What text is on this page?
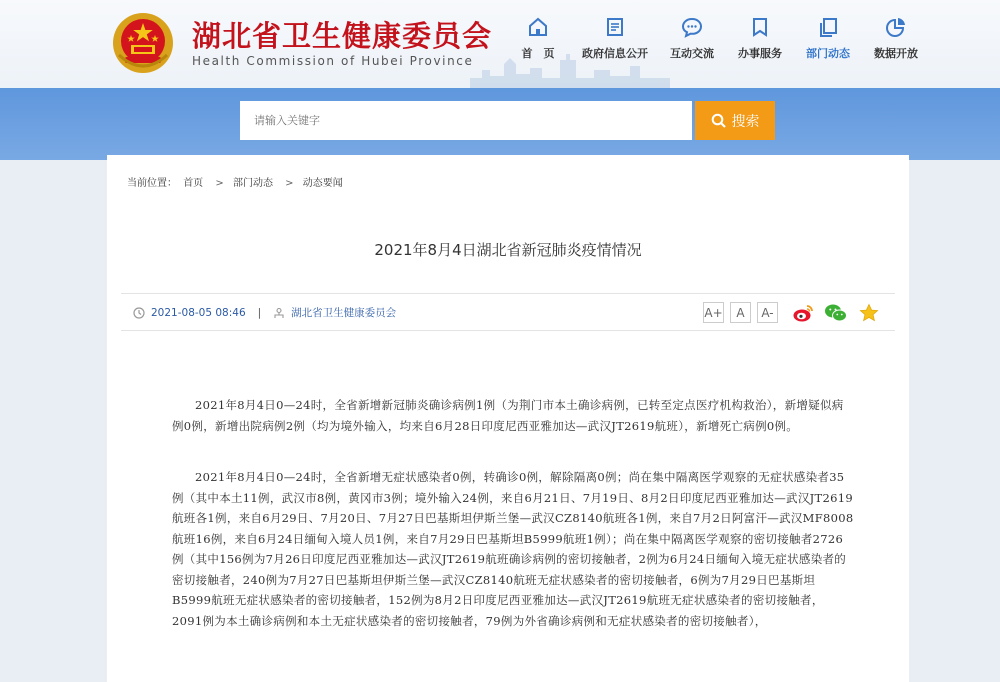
湖北省卫生健康委员会
Health Commission of Hubei Province
首　页	政府信息公开	互动交流	办事服务	部门动态	数据开放
请输入关键字
搜索
当前位置： 首页 > 部门动态 > 动态要闻
2021年8月4日湖北省新冠肺炎疫情情况
2021-08-05 08:46 |	湖北省卫生健康委员会	A+	A	A-

2021年8月4日0—24时，全省新增新冠肺炎确诊病例1例（为荆门市本土确诊病例，已转至定点医疗机构救治），新增疑似病例0例，新增出院病例2例（均为境外输入，均来自6月28日印度尼西亚雅加达—武汉JT2619航班），新增死亡病例0例。

2021年8月4日0—24时，全省新增无症状感染者0例，转确诊0例，解除隔离0例；尚在集中隔离医学观察的无症状感染者35例（其中本土11例，武汉市8例，黄冈市3例；境外输入24例，来自6月21日、7月19日、8月2日印度尼西亚雅加达—武汉JT2619航班各1例，来自6月29日、7月20日、7月27日巴基斯坦伊斯兰堡—武汉CZ8140航班各1例，来自7月2日阿富汗—武汉MF8008航班16例，来自6月24日缅甸入境人员1例，来自7月29日巴基斯坦B5999航班1例）；尚在集中隔离医学观察的密切接触者2726例（其中156例为7月26日印度尼西亚雅加达—武汉JT2619航班确诊病例的密切接触者，2例为6月24日缅甸入境无症状感染者的密切接触者，240例为7月27日巴基斯坦伊斯兰堡—武汉CZ8140航班无症状感染者的密切接触者，6例为7月29日巴基斯坦B5999航班无症状感染者的密切接触者，152例为8月2日印度尼西亚雅加达—武汉JT2619航班无症状感染者的密切接触者，2091例为本土确诊病例和本土无症状感染者的密切接触者，79例为外省确诊病例和无症状感染者的密切接触者），
